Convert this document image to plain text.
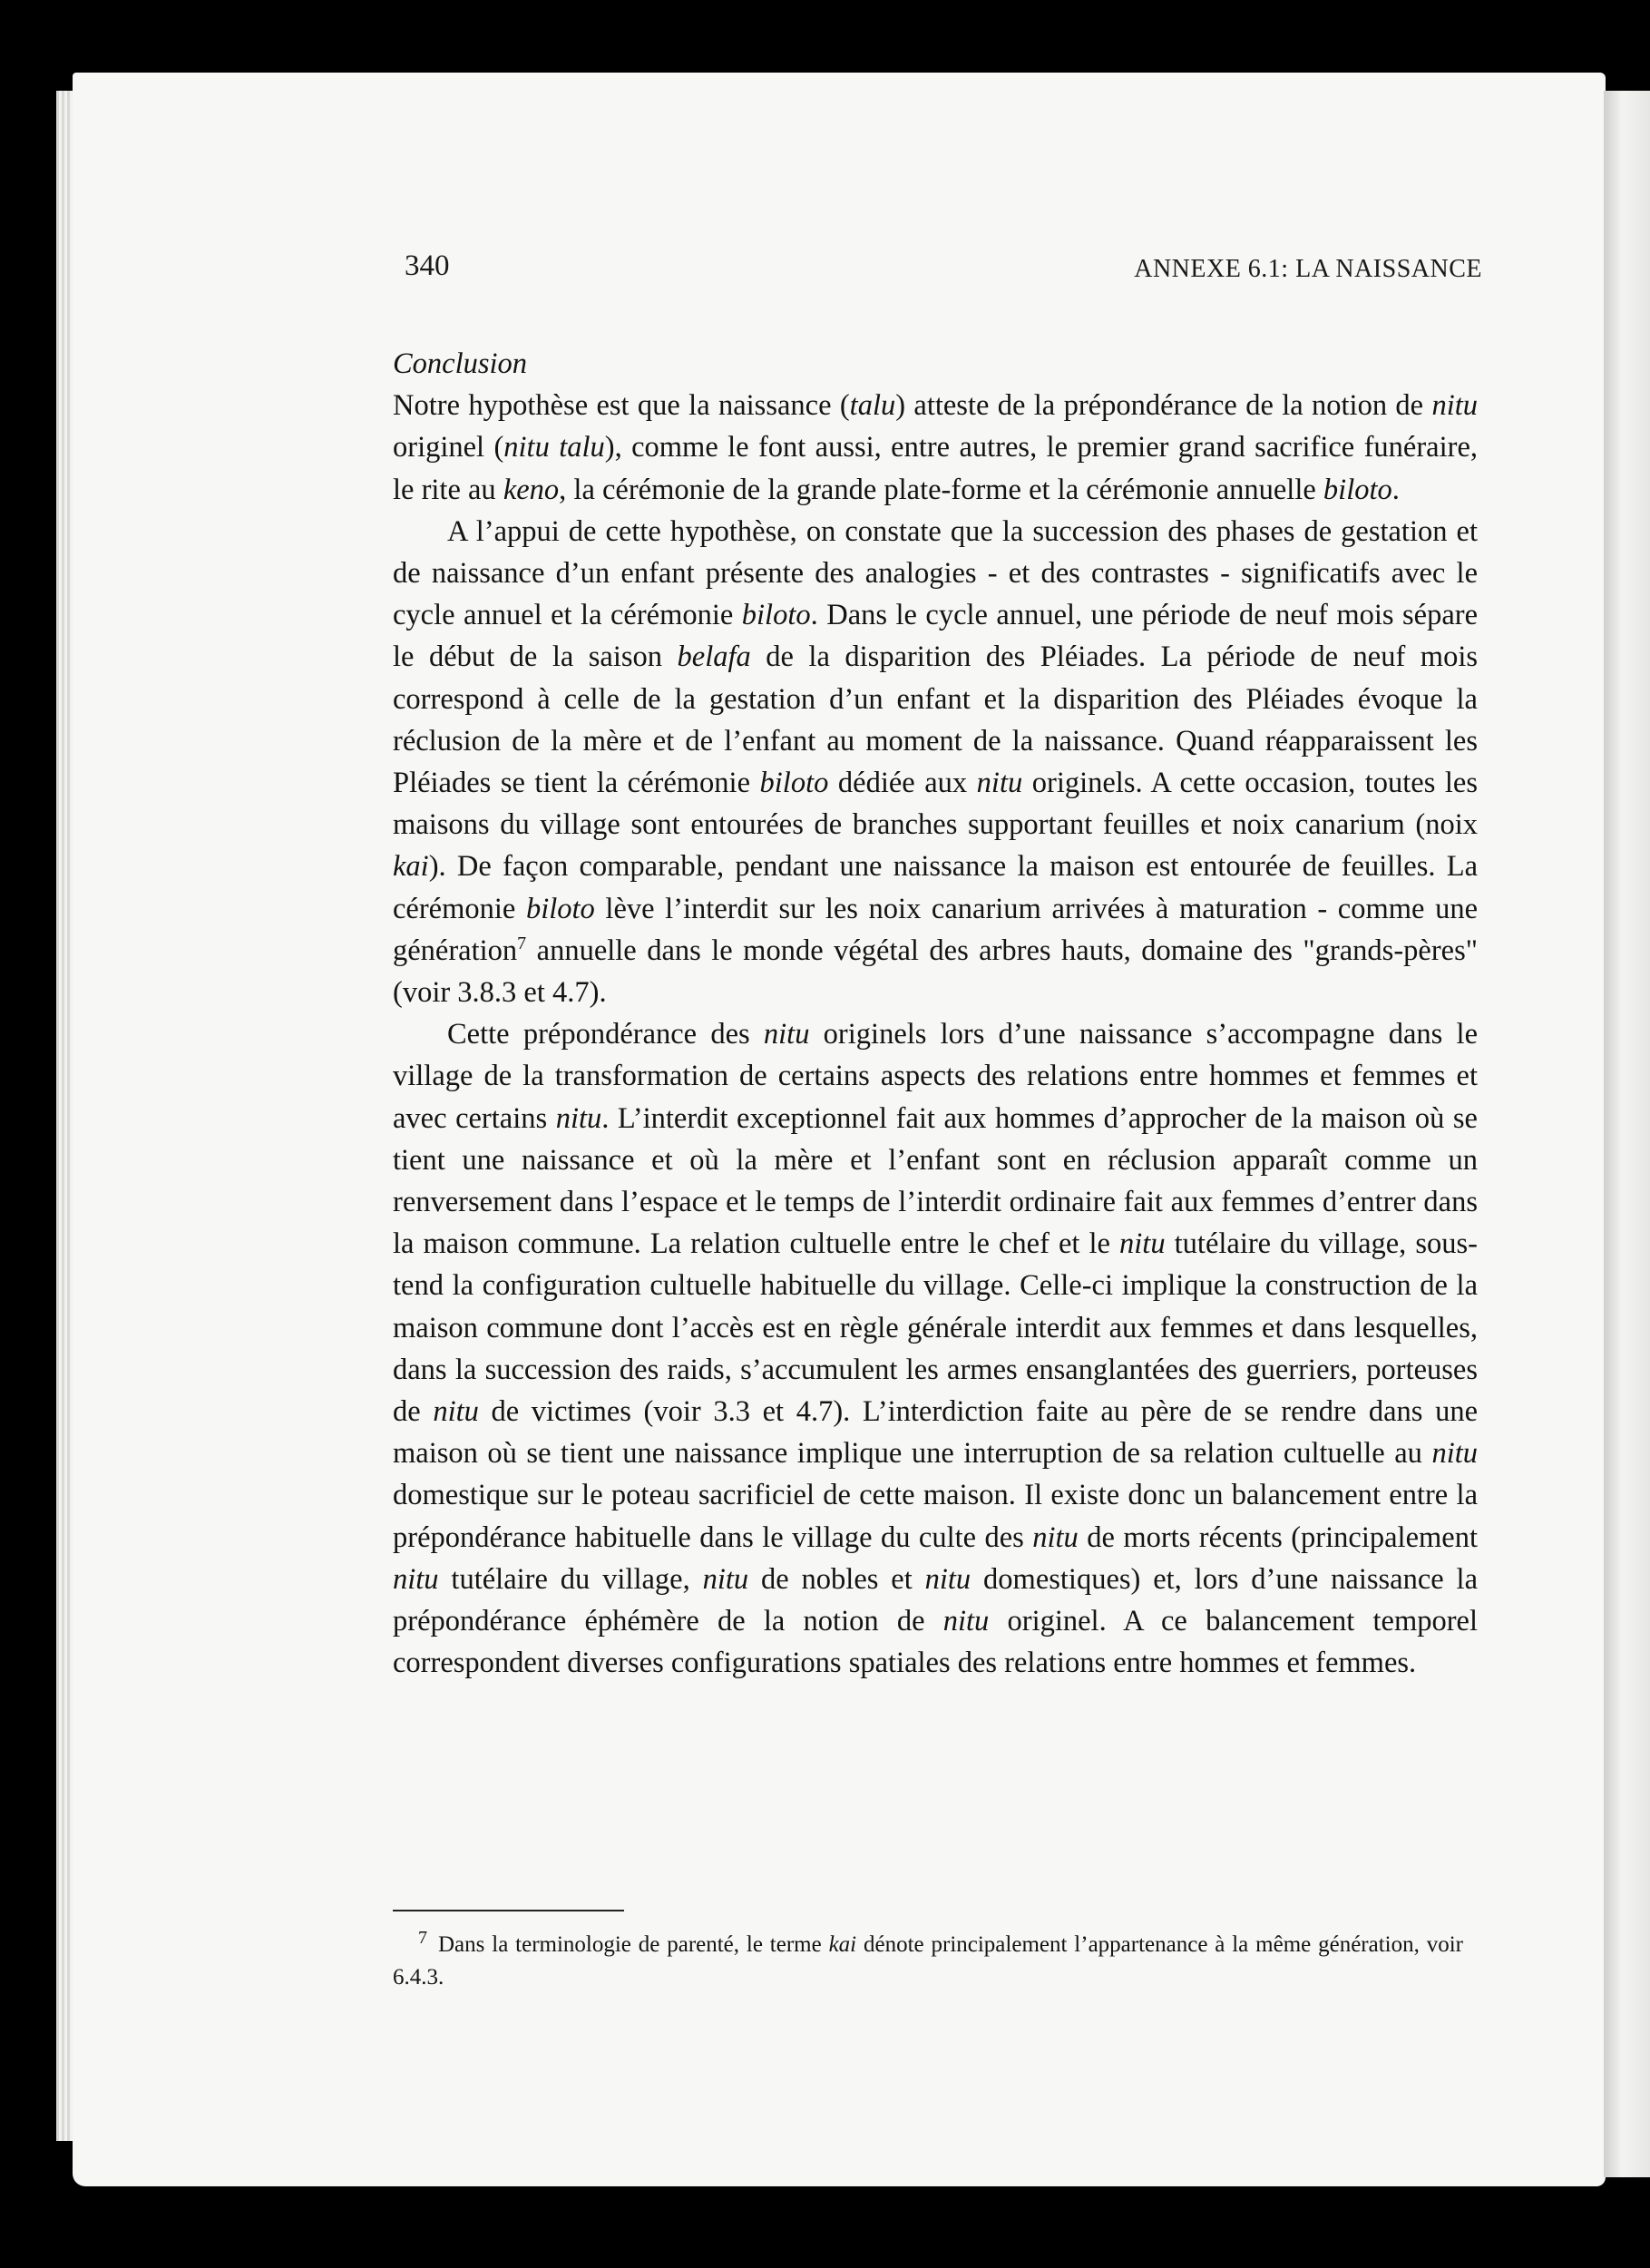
340	ANNEXE 6.1: LA NAISSANCE

Conclusion

Notre hypothèse est que la naissance (talu) atteste de la prépondérance de la notion de nitu originel (nitu talu), comme le font aussi, entre autres, le premier grand sacrifice funéraire, le rite au keno, la cérémonie de la grande plate-forme et la cérémonie annuelle biloto.

A l’appui de cette hypothèse, on constate que la succession des phases de gestation et de naissance d’un enfant présente des analogies - et des contrastes - significatifs avec le cycle annuel et la cérémonie biloto. Dans le cycle annuel, une période de neuf mois sépare le début de la saison belafa de la disparition des Pléiades. La période de neuf mois correspond à celle de la gestation d’un enfant et la disparition des Pléiades évoque la réclusion de la mère et de l’enfant au moment de la naissance. Quand réapparaissent les Pléiades se tient la cérémonie biloto dédiée aux nitu originels. A cette occasion, toutes les maisons du village sont entourées de branches supportant feuilles et noix canarium (noix kai). De façon comparable, pendant une naissance la maison est entourée de feuilles. La cérémonie biloto lève l’interdit sur les noix canarium arrivées à maturation - comme une génération$^7$ annuelle dans le monde végétal des arbres hauts, domaine des "grands-pères" (voir 3.8.3 et 4.7).

Cette prépondérance des nitu originels lors d’une naissance s’accompagne dans le village de la transformation de certains aspects des relations entre hommes et femmes et avec certains nitu. L’interdit exceptionnel fait aux hommes d’approcher de la maison où se tient une naissance et où la mère et l’enfant sont en réclusion apparaît comme un renversement dans l’espace et le temps de l’interdit ordinaire fait aux femmes d’entrer dans la maison commune. La relation cultuelle entre le chef et le nitu tutélaire du village, sous-tend la configuration cultuelle habituelle du village. Celle-ci implique la construction de la maison commune dont l’accès est en règle générale interdit aux femmes et dans lesquelles, dans la succession des raids, s’accumulent les armes ensanglantées des guerriers, porteuses de nitu de victimes (voir 3.3 et 4.7). L’interdiction faite au père de se rendre dans une maison où se tient une naissance implique une interruption de sa relation cultuelle au nitu domestique sur le poteau sacrificiel de cette maison. Il existe donc un balancement entre la prépondérance habituelle dans le village du culte des nitu de morts récents (principalement nitu tutélaire du village, nitu de nobles et nitu domestiques) et, lors d’une naissance la prépondérance éphémère de la notion de nitu originel. A ce balancement temporel correspondent diverses configurations spatiales des relations entre hommes et femmes.

$^7$ Dans la terminologie de parenté, le terme kai dénote principalement l’appartenance à la même génération, voir 6.4.3.
